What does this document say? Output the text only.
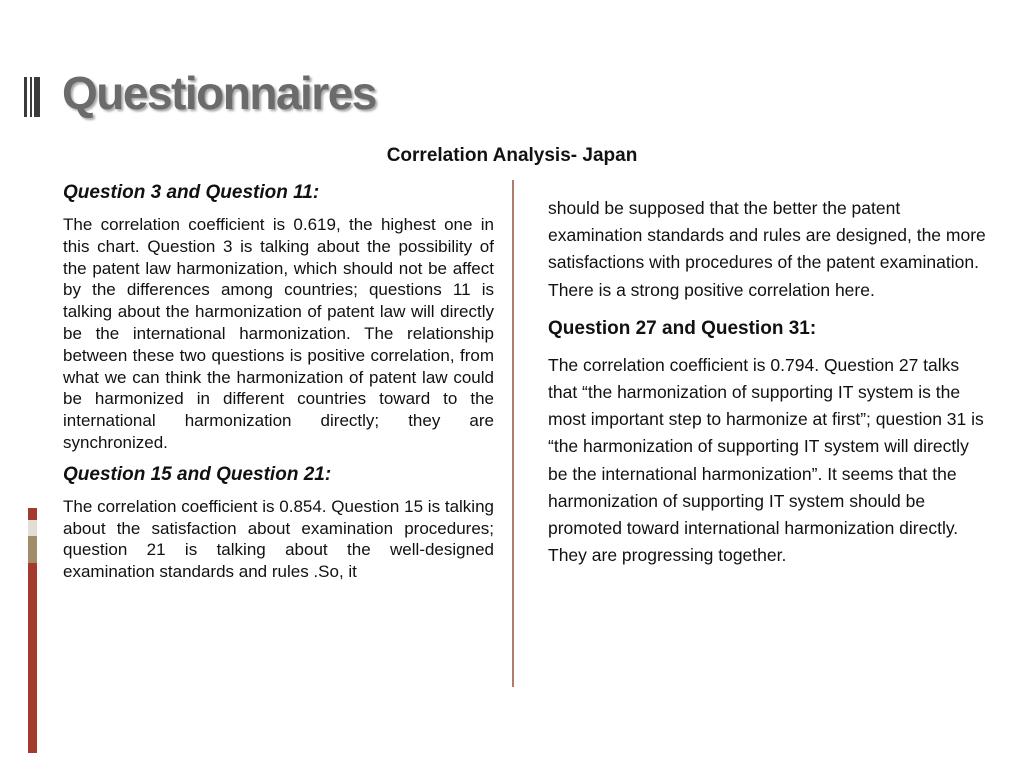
Questionnaires

Correlation Analysis- Japan

Question 3 and Question 11:

The correlation coefficient is 0.619, the highest one in this chart. Question 3 is talking about the possibility of the patent law harmonization, which should not be affect by the differences among countries; questions 11 is talking about the harmonization of patent law will directly be the international harmonization. The relationship between these two questions is positive correlation, from what we can think the harmonization of patent law could be harmonized in different countries toward to the international harmonization directly; they are synchronized.

Question 15 and Question 21:

The correlation coefficient is 0.854. Question 15 is talking about the satisfaction about examination procedures; question 21 is talking about the well-designed examination standards and rules .So, it

should be supposed that the better the patent examination standards and rules are designed, the more satisfactions with procedures of the patent examination. There is a strong positive correlation here.

Question 27 and Question 31:

The correlation coefficient is 0.794. Question 27 talks that “the harmonization of supporting IT system is the most important step to harmonize at first”; question 31 is “the harmonization of supporting IT system will directly be the international harmonization”. It seems that the harmonization of supporting IT system should be promoted toward international harmonization directly. They are progressing together.
